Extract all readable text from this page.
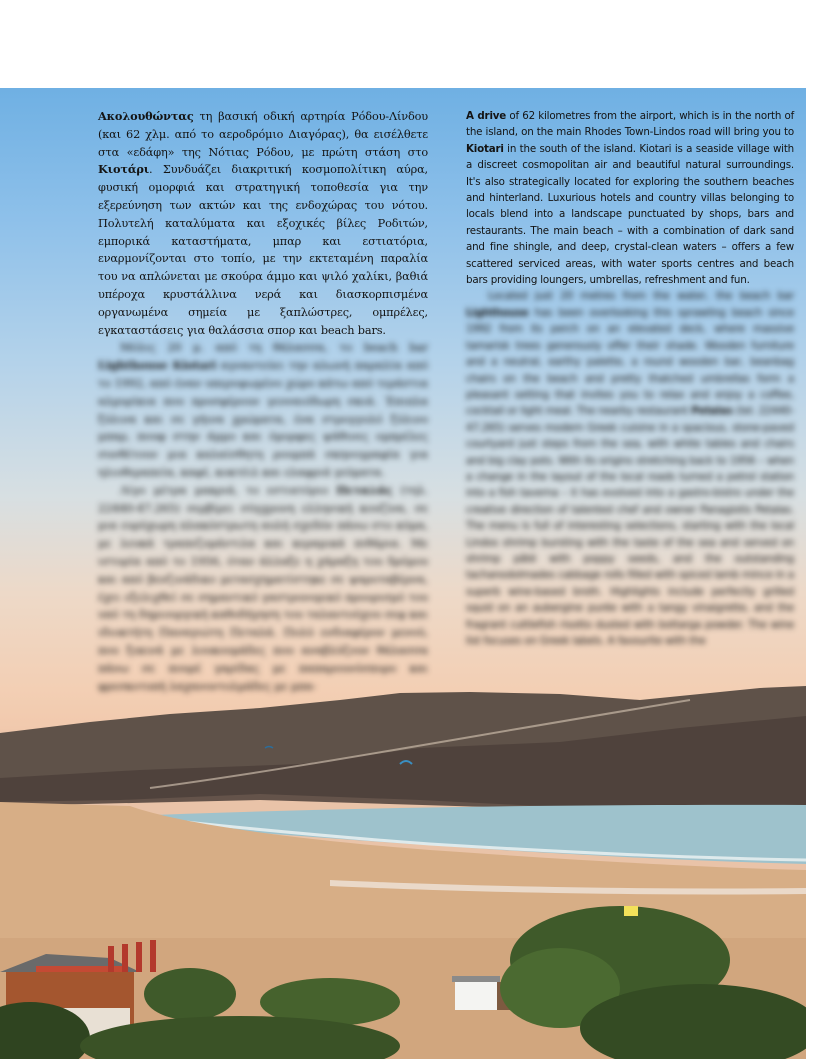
Ακολουθώντας τη βασική οδική αρτηρία Ρόδου-Λίνδου (και 62 χλμ. από το αεροδρόμιο Διαγόρας), θα εισέλθετε στα «εδάφη» της Νότιας Ρόδου, με πρώτη στάση στο Κιοτάρι. Συνδυάζει διακριτική κοσμοπολίτικη αύρα, φυσική ομορφιά και στρατηγική τοποθεσία για την εξερεύνηση των ακτών και της ενδοχώρας του νότου. Πολυτελή καταλύματα και εξοχικές βίλες Ροδιτών, εμπορικά καταστήματα, μπαρ και εστιατόρια, εναρμονίζονται στο τοπίο, με την εκτεταμένη παραλία του να απλώνεται με σκούρα άμμο και ψιλό χαλίκι, βαθιά υπέροχα κρυστάλλινα νερά και διασκορπισμένα οργανωμένα σημεία με ξαπλώστρες, ομπρέλες, εγκαταστάσεις για θαλάσσια σπορ και beach bars.

Μόλις 20 μ. από τη θάλασσα, το beach bar Lighthouse Kiotari αγναντεύει την αλωνή παραλία από το 1992, από έναν υπερυψωμένο χώρο κάτω από τεράστια αλμυρίκια που προσφέρουν γενναιόδωρη σκιά. Έπιπλα ξύλινα και σε γήινα χρώματα, ένα στρογγυλό ξύλινο μπαρ, πουφ στην άμμο και όμορφες ψάθινες ομπρέλες συνθέτουν μια καλαίσθητη ρουμπά σκηνογραφία για ηλιοθεραπεία, καφέ, κοκτέιλ και ελαφριά γεύματα.

Λίγο μέτρα μακριά, το εστιατόριο Πεταλάς (τηλ. 22440-47.265) σερβίρει σύγχρονη ελληνική κουζίνα, σε μια ευρύχωρη πλακόστρωτη αυλή σχεδόν πάνω στο κύμα, με λευκά τραπεζομάντιλα και κεραμικά πιθάρια. Με ιστορία από το 1956, όταν άλλαξε η χάραξη του δρόμου και από βενζινάδικο μετασχηματίστηκε σε ψαροταβέρνα, έχει εξελιχθεί σε σημαντικό γαστρονομικό προορισμό του υπό τη δημιουργική καθοδήγηση του ταλαντούχου σεφ και ιδιοκτήτη Παναγιώτη Πεταλά. Πολύ ενδιαφέρον μενού, που ξεκινά με λουκουμάδες που αναβλύζουν θάλασσα πάνω σε πουρέ γαρίδας με παπαρουνόσπορο και φρεσκοτυπή λαχανοντολμάδες με μπα-

A drive of 62 kilometres from the airport, which is in the north of the island, on the main Rhodes Town-Lindos road will bring you to Kiotari in the south of the island. Kiotari is a seaside village with a discreet cosmopolitan air and beautiful natural surroundings. It's also strategically located for exploring the southern beaches and hinterland. Luxurious hotels and country villas belonging to locals blend into a landscape punctuated by shops, bars and restaurants. The main beach – with a combination of dark sand and fine shingle, and deep, crystal-clean waters – offers a few scattered serviced areas, with water sports centres and beach bars providing loungers, umbrellas, refreshment and fun.

Located just 20 metres from the water, the beach bar Lighthouse has been overlooking this sprawling beach since 1992 from its perch on an elevated deck, where massive tamarisk trees generously offer their shade. Wooden furniture and a neutral, earthy palette, a round wooden bar, beanbag chairs on the beach and pretty thatched umbrellas form a pleasant setting that invites you to relax and enjoy a coffee, cocktail or light meal. The nearby restaurant Petalas (tel. 22440-47.265) serves modern Greek cuisine in a spacious, stone-paved courtyard just steps from the sea, with white tables and chairs and big clay pots. With its origins stretching back to 1956 – when a change in the layout of the local roads turned a petrol station into a fish taverna – it has evolved into a gastro-bistro under the creative direction of talented chef and owner Panagiotis Petalas. The menu is full of interesting selections, starting with the local Lindos shrimp bursting with the taste of the sea and served on shrimp pâté with poppy seeds, and the outstanding tachanodolmades cabbage rolls filled with spiced lamb mince in a superb wine-based broth. Highlights include perfectly grilled squid on an aubergine purée with a tangy vinaigrette, and the fragrant cuttlefish risotto dusted with bottarga powder. The wine list focuses on Greek labels. A favourite with the
